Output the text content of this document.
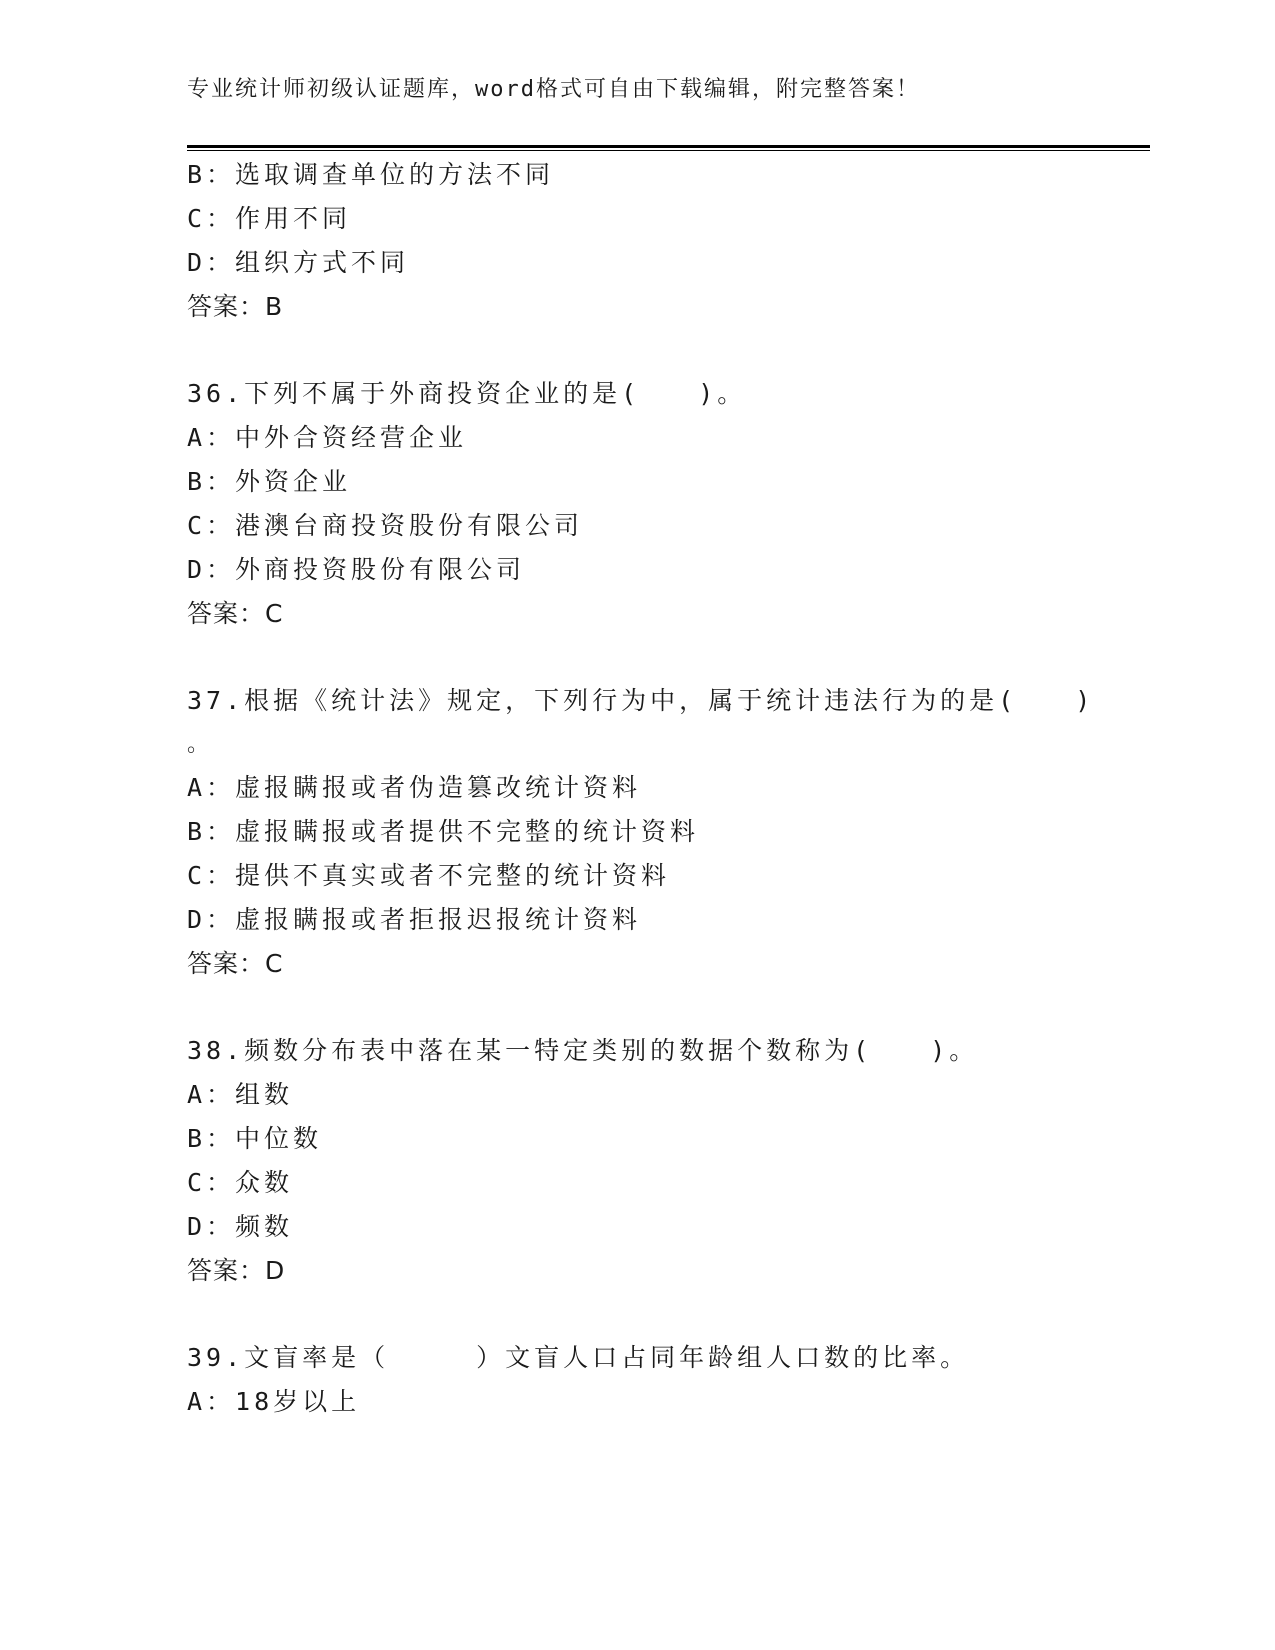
专业统计师初级认证题库，word格式可自由下载编辑，附完整答案！
B：选取调查单位的方法不同
C：作用不同
D：组织方式不同
答案：B
36.下列不属于外商投资企业的是(　　)。
A：中外合资经营企业
B：外资企业
C：港澳台商投资股份有限公司
D：外商投资股份有限公司
答案：C
37.根据《统计法》规定，下列行为中，属于统计违法行为的是(　　)
。
A：虚报瞒报或者伪造篡改统计资料
B：虚报瞒报或者提供不完整的统计资料
C：提供不真实或者不完整的统计资料
D：虚报瞒报或者拒报迟报统计资料
答案：C
38.频数分布表中落在某一特定类别的数据个数称为(　　)。
A：组数
B：中位数
C：众数
D：频数
答案：D
39.文盲率是（　　　）文盲人口占同年龄组人口数的比率。
A：18岁以上
